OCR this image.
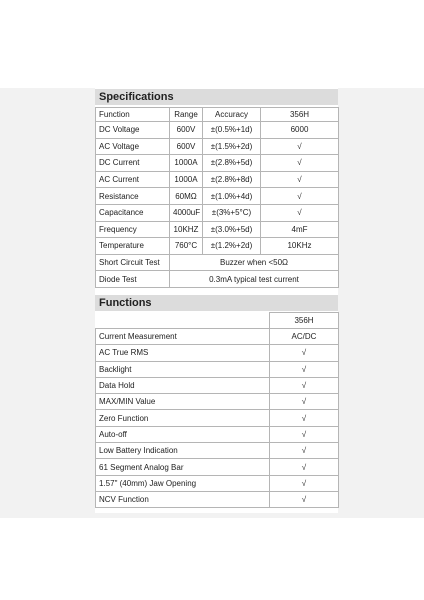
Specifications
Function	Range	Accuracy	356H
DC Voltage	600V	±(0.5%+1d)	6000
AC Voltage	600V	±(1.5%+2d)	√
DC Current	1000A	±(2.8%+5d)	√
AC Current	1000A	±(2.8%+8d)	√
Resistance	60MΩ	±(1.0%+4d)	√
Capacitance	4000uF	±(3%+5°C)	√
Frequency	10KHZ	±(3.0%+5d)	4mF
Temperature	760°C	±(1.2%+2d)	10KHz
Short Circuit Test	Buzzer when <50Ω		
Diode Test	0.3mA typical test current		
Functions
	356H
Current Measurement	AC/DC
AC True RMS	√
Backlight	√
Data Hold	√
MAX/MIN Value	√
Zero Function	√
Auto-off	√
Low Battery Indication	√
61 Segment Analog Bar	√
1.57" (40mm) Jaw Opening	√
NCV Function	√
